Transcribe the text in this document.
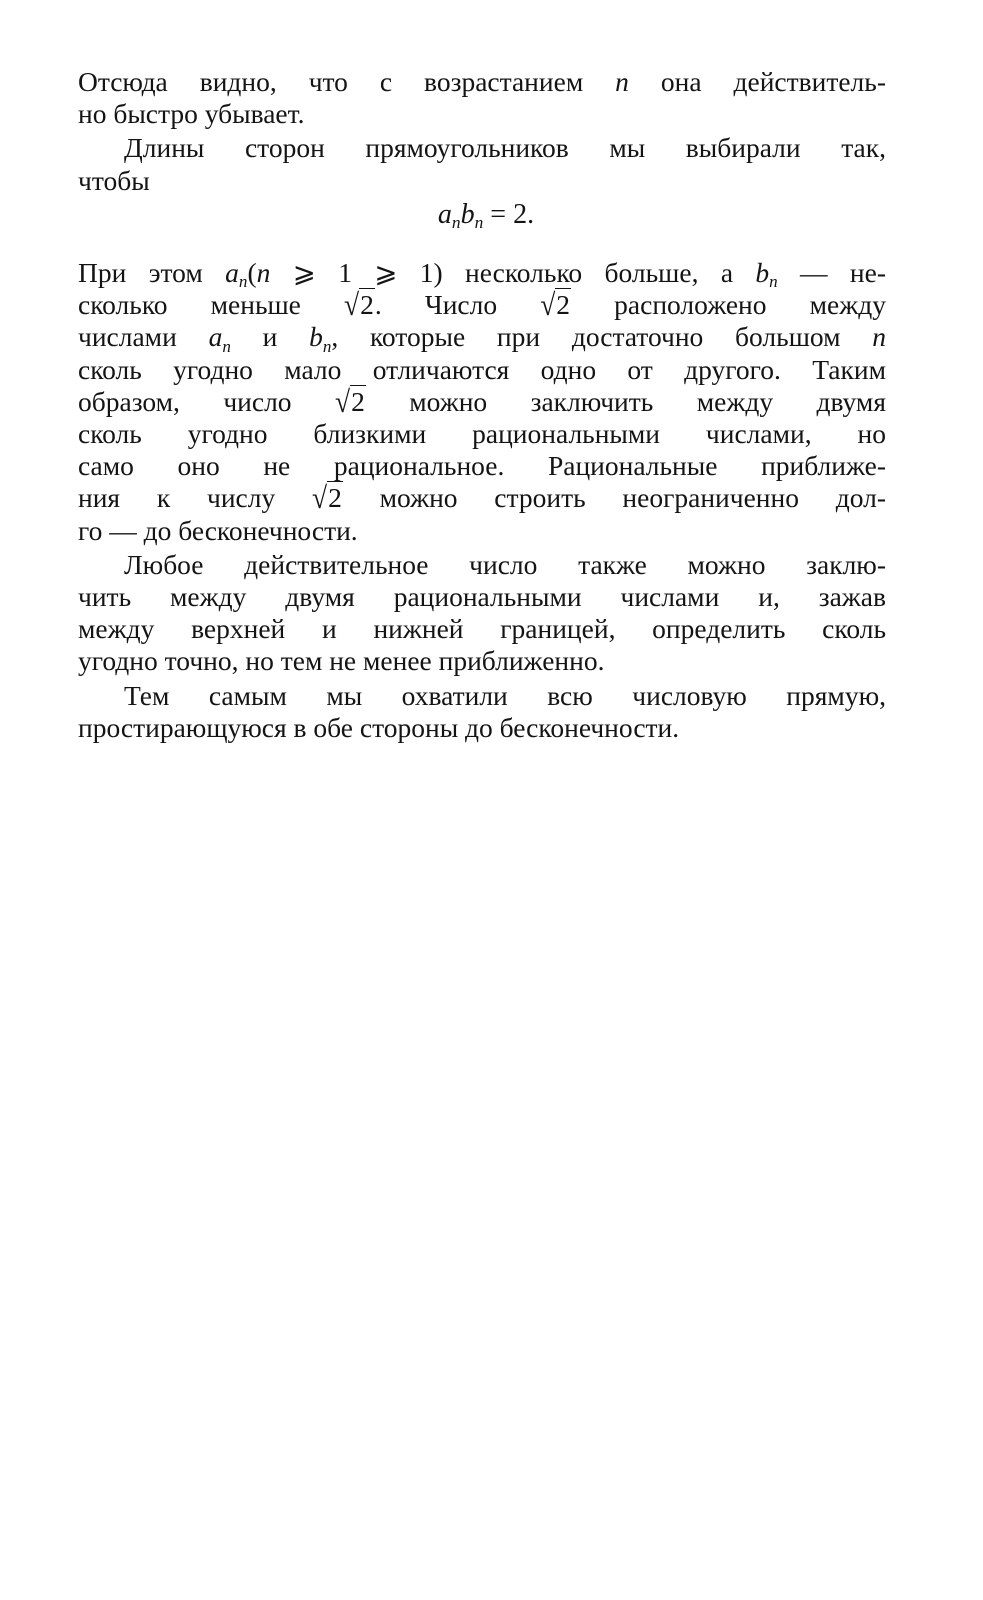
Отсюда видно, что с возрастанием n она действитель-
но быстро убывает.
Длины сторон прямоугольников мы выбирали так,
чтобы
anbn = 2.
При этом an(n ⩾ 1 ⩾ 1) несколько больше, а bn — не-
сколько меньше √2. Число √2 расположено между
числами an и bn, которые при достаточно большом n
сколь угодно мало отличаются одно от другого. Таким
образом, число √2 можно заключить между двумя
сколь угодно близкими рациональными числами, но
само оно не рациональное. Рациональные приближе-
ния к числу √2 можно строить неограниченно дол-
го — до бесконечности.
Любое действительное число также можно заклю-
чить между двумя рациональными числами и, зажав
между верхней и нижней границей, определить сколь
угодно точно, но тем не менее приближенно.
Тем самым мы охватили всю числовую прямую,
простирающуюся в обе стороны до бесконечности.
